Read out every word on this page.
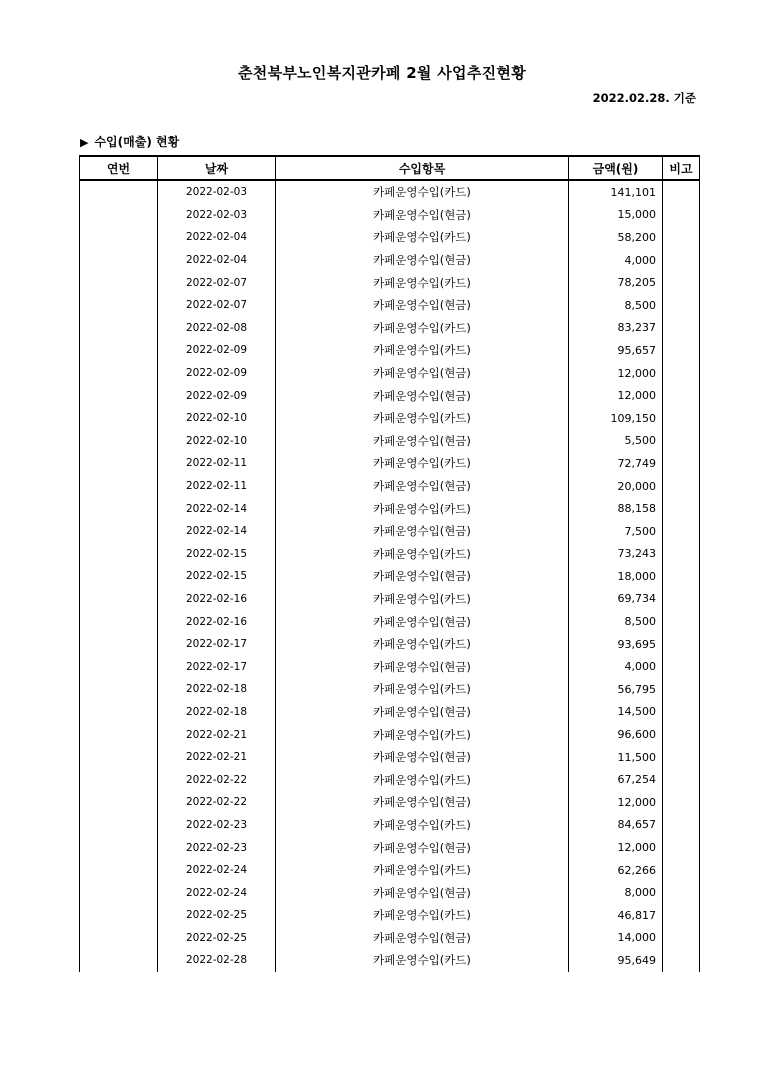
춘천북부노인복지관카페 2월 사업추진현황
2022.02.28. 기준
▶ 수입(매출) 현황
연번	날짜	수입항목	금액(원)	비고
	2022-02-03	카페운영수입(카드)	141,101	
	2022-02-03	카페운영수입(현금)	15,000	
	2022-02-04	카페운영수입(카드)	58,200	
	2022-02-04	카페운영수입(현금)	4,000	
	2022-02-07	카페운영수입(카드)	78,205	
	2022-02-07	카페운영수입(현금)	8,500	
	2022-02-08	카페운영수입(카드)	83,237	
	2022-02-09	카페운영수입(카드)	95,657	
	2022-02-09	카페운영수입(현금)	12,000	
	2022-02-09	카페운영수입(현금)	12,000	
	2022-02-10	카페운영수입(카드)	109,150	
	2022-02-10	카페운영수입(현금)	5,500	
	2022-02-11	카페운영수입(카드)	72,749	
	2022-02-11	카페운영수입(현금)	20,000	
	2022-02-14	카페운영수입(카드)	88,158	
	2022-02-14	카페운영수입(현금)	7,500	
	2022-02-15	카페운영수입(카드)	73,243	
	2022-02-15	카페운영수입(현금)	18,000	
	2022-02-16	카페운영수입(카드)	69,734	
	2022-02-16	카페운영수입(현금)	8,500	
	2022-02-17	카페운영수입(카드)	93,695	
	2022-02-17	카페운영수입(현금)	4,000	
	2022-02-18	카페운영수입(카드)	56,795	
	2022-02-18	카페운영수입(현금)	14,500	
	2022-02-21	카페운영수입(카드)	96,600	
	2022-02-21	카페운영수입(현금)	11,500	
	2022-02-22	카페운영수입(카드)	67,254	
	2022-02-22	카페운영수입(현금)	12,000	
	2022-02-23	카페운영수입(카드)	84,657	
	2022-02-23	카페운영수입(현금)	12,000	
	2022-02-24	카페운영수입(카드)	62,266	
	2022-02-24	카페운영수입(현금)	8,000	
	2022-02-25	카페운영수입(카드)	46,817	
	2022-02-25	카페운영수입(현금)	14,000	
	2022-02-28	카페운영수입(카드)	95,649	
